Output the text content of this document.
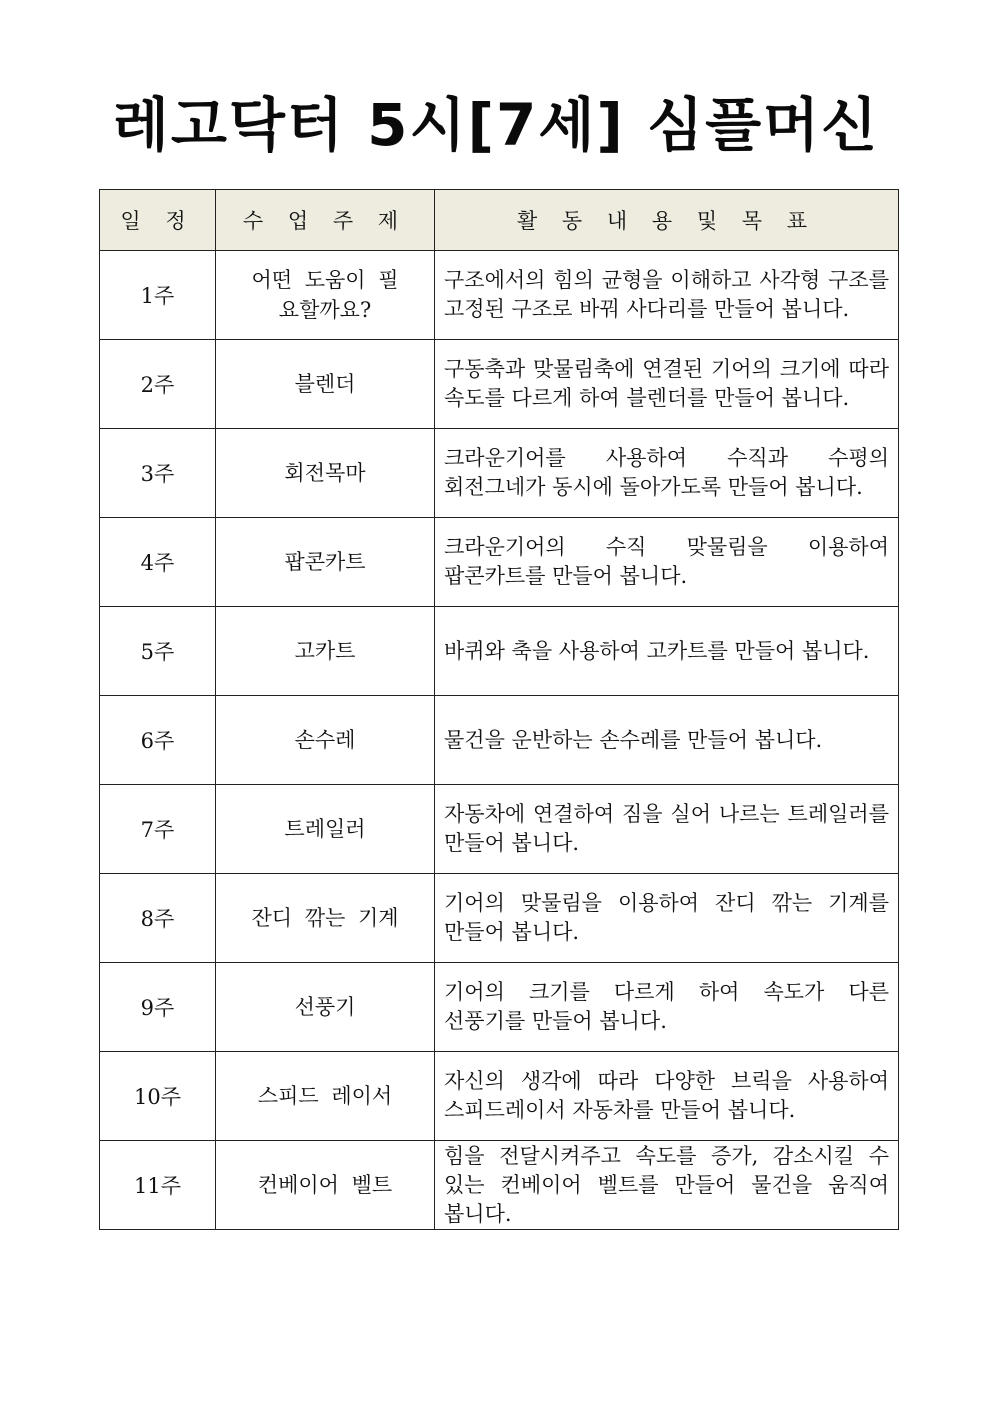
레고닥터 5시[7세] 심플머신
일 정	수 업 주 제	활 동 내 용 및 목 표
1주	어떤 도움이 필요할까요?	구조에서의 힘의 균형을 이해하고 사각형 구조를 고정된 구조로 바꿔 사다리를 만들어 봅니다.
2주	블렌더	구동축과 맞물림축에 연결된 기어의 크기에 따라 속도를 다르게 하여 블렌더를 만들어 봅니다.
3주	회전목마	크라운기어를 사용하여 수직과 수평의 회전그네가 동시에 돌아가도록 만들어 봅니다.
4주	팝콘카트	크라운기어의 수직 맞물림을 이용하여 팝콘카트를 만들어 봅니다.
5주	고카트	바퀴와 축을 사용하여 고카트를 만들어 봅니다.
6주	손수레	물건을 운반하는 손수레를 만들어 봅니다.
7주	트레일러	자동차에 연결하여 짐을 실어 나르는 트레일러를 만들어 봅니다.
8주	잔디 깎는 기계	기어의 맞물림을 이용하여 잔디 깎는 기계를 만들어 봅니다.
9주	선풍기	기어의 크기를 다르게 하여 속도가 다른 선풍기를 만들어 봅니다.
10주	스피드 레이서	자신의 생각에 따라 다양한 브릭을 사용하여 스피드레이서 자동차를 만들어 봅니다.
11주	컨베이어 벨트	힘을 전달시켜주고 속도를 증가, 감소시킬 수 있는 컨베이어 벨트를 만들어 물건을 움직여 봅니다.
